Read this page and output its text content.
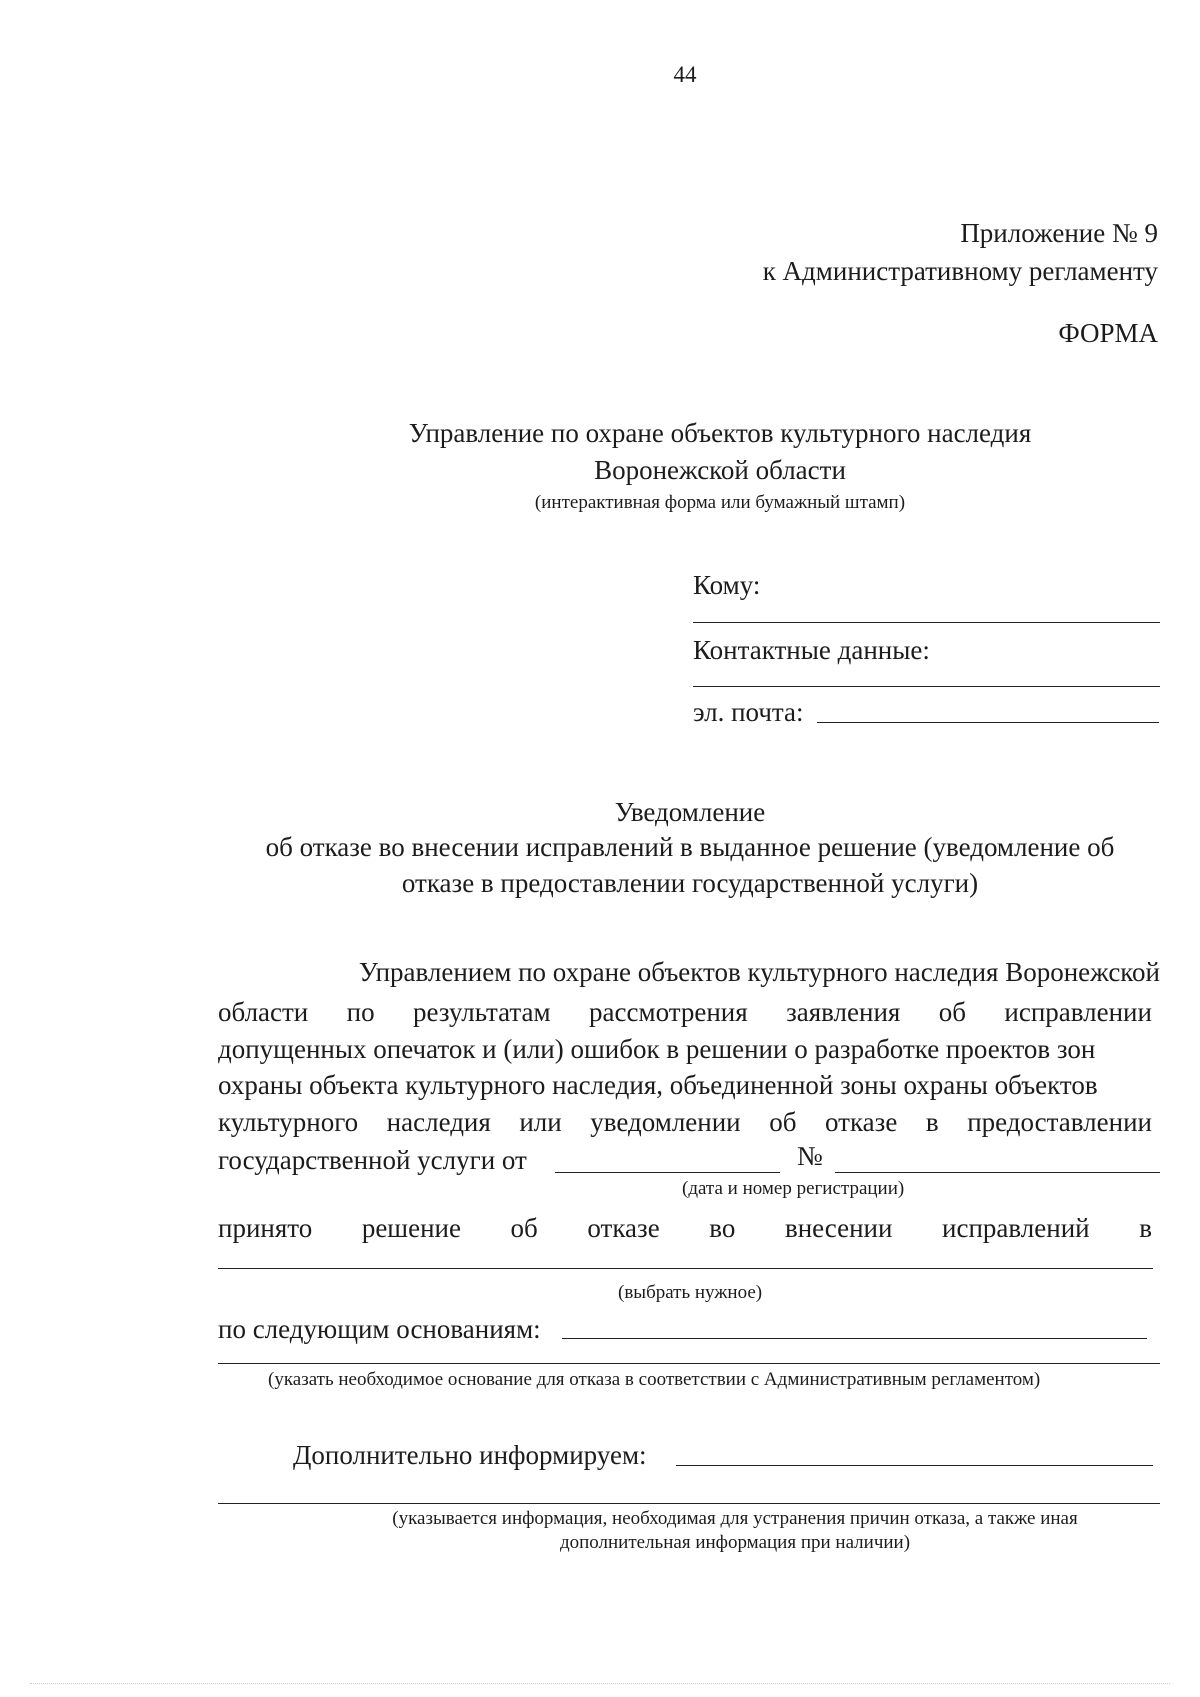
44
Приложение № 9
к Административному регламенту
ФОРМА
Управление по охране объектов культурного наследия
Воронежской области
(интерактивная форма или бумажный штамп)
Кому:
Контактные данные:
эл. почта:
Уведомление
об отказе во внесении исправлений в выданное решение (уведомление об
отказе в предоставлении государственной услуги)
Управлением по охране объектов культурного наследия Воронежской
области по результатам рассмотрения заявления об исправлении
допущенных опечаток и (или) ошибок в решении о разработке проектов зон
охраны объекта культурного наследия, объединенной зоны охраны объектов
культурного наследия или уведомлении об отказе в предоставлении
государственной услуги от	№
(дата и номер регистрации)
принято решение об отказе во внесении исправлений в
(выбрать нужное)
по следующим основаниям:
(указать необходимое основание для отказа в соответствии с Административным регламентом)
Дополнительно информируем:
(указывается информация, необходимая для устранения причин отказа, а также иная
дополнительная информация при наличии)
